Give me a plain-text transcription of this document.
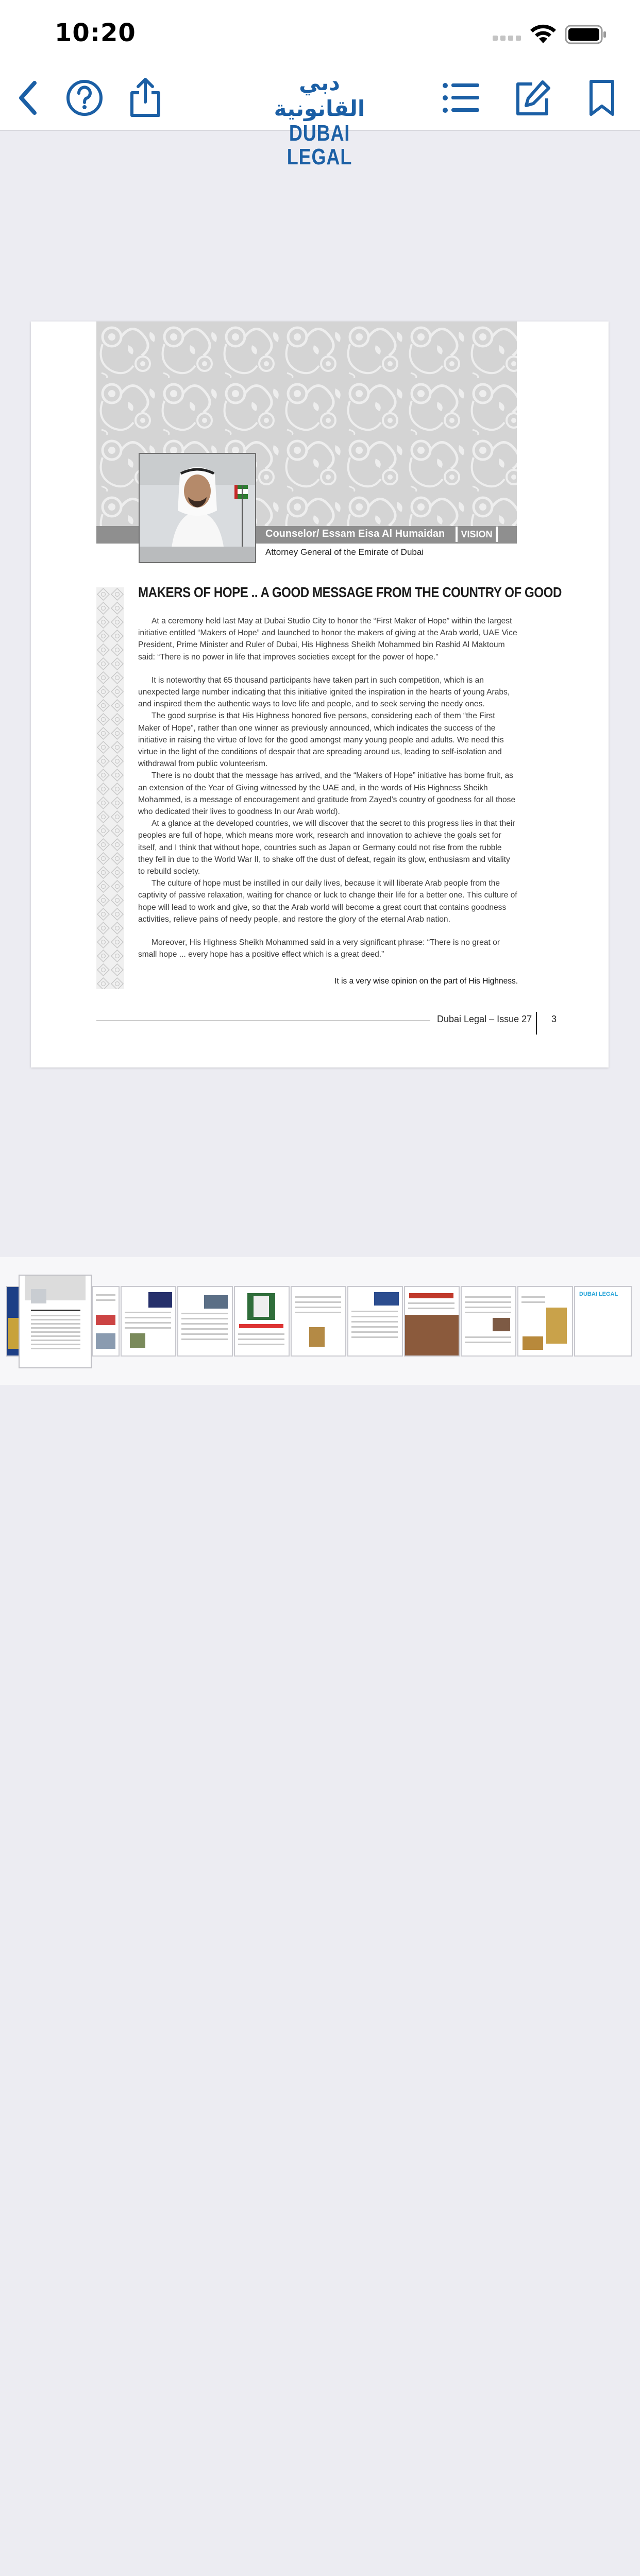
10:20
دبي القانونية
DUBAI LEGAL
Counselor/ Essam Eisa Al Humaidan	VISION
Attorney General of the Emirate of Dubai
MAKERS OF HOPE .. A GOOD MESSAGE FROM THE COUNTRY OF GOOD

At a ceremony held last May at Dubai Studio City to honor the “First Maker of Hope” within the largest initiative entitled “Makers of Hope” and launched to honor the makers of giving at the Arab world, UAE Vice President, Prime Minister and Ruler of Dubai, His Highness Sheikh Mohammed bin Rashid Al Maktoum said: “There is no power in life that improves societies except for the power of hope.”

It is noteworthy that 65 thousand participants have taken part in such competition, which is an unexpected large number indicating that this initiative ignited the inspiration in the hearts of young Arabs, and inspired them the authentic ways to love life and people, and to seek serving the needy ones.

The good surprise is that His Highness honored five persons, considering each of them “the First Maker of Hope”, rather than one winner as previously announced, which indicates the success of the initiative in raising the virtue of love for the good amongst many young people and adults. We need this virtue in the light of the conditions of despair that are spreading around us, leading to self-isolation and withdrawal from public volunteerism.

There is no doubt that the message has arrived, and the “Makers of Hope” initiative has borne fruit, as an extension of the Year of Giving witnessed by the UAE and, in the words of His Highness Sheikh Mohammed, is a message of encouragement and gratitude from Zayed’s country of goodness for all those who dedicated their lives to goodness In our Arab world).

At a glance at the developed countries, we will discover that the secret to this progress lies in that their peoples are full of hope, which means more work, research and innovation to achieve the goals set for itself, and I think that without hope, countries such as Japan or Germany could not rise from the rubble they fell in due to the World War II, to shake off the dust of defeat, regain its glow, enthusiasm and vitality to rebuild society.

The culture of hope must be instilled in our daily lives, because it will liberate Arab people from the captivity of passive relaxation, waiting for chance or luck to change their life for a better one. This culture of hope will lead to work and give, so that the Arab world will become a great court that contains goodness activities, relieve pains of needy people, and restore the glory of the eternal Arab nation.

Moreover, His Highness Sheikh Mohammed said in a very significant phrase: “There is no great or small hope ... every hope has a positive effect which is a great deed.”

It is a very wise opinion on the part of His Highness.
Dubai Legal – Issue 27 3
DUBAI LEGAL
